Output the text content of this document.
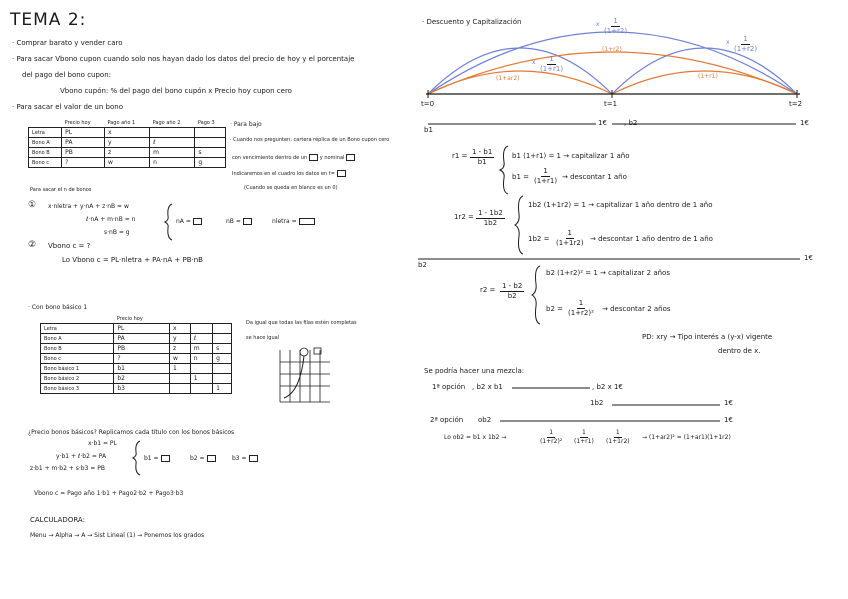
TEMA 2:
· Comprar barato y vender caro
· Para sacar Vbono cupon cuando solo nos hayan dado los datos del precio de hoy y el porcentaje
del pago del bono cupon:
Vbono cupón: % del pago del bono cupón x Precio hoy cupon cero
· Para sacar el valor de un bono
	Precio hoy	Pago año 1	Pago año 2	Pago 3
Letra	PL	x		
Bono A	PA	y	ℓ	
Bono B	PB	z	m	s
Bono c	?	w	n	g
· Para bajo
· Cuando nos pregunten: cartera réplica de un Bono cupon cero
con vencimiento dentro de un	y nominal
Indicaremos en el cuadro los datos en t=
(Cuando se queda en blanco es un 0)
Para sacar el n de bonos
① x·nletra + y·nA + z·nB = w
ℓ·nA + m·nB = n
s·nB = g
nA =	nB =	nletra =
② Vbono c = ?
Lo Vbono c = PL·nletra + PA·nA + PB·nB
· Con bono básico 1
	Precio hoy			
Letra	PL	x		
Bono A	PA	y	ℓ	
Bono B	PB	z	m	s
Bono c	?	w	n	g
Bono básico 1	b1	1		
Bono básico 2	b2		1	
Bono básico 3	b3			1
Da igual que todas las filas estén completas
se hace igual
¿Precio bonos básicos? Replicamos cada título con los bonos básicos
x·b1 = PL
y·b1 + ℓ·b2 = PA
z·b1 + m·b2 + s·b3 = PB
b1 =	b2 =	b3 =
Vbono c = Pago año 1·b1 + Pago2·b2 + Pago3·b3
CALCULADORA:
Menu → Alpha → A → Sist Lineal (1) → Ponemos los grados
· Descuento y Capitalización	x $\frac{1}{(1+r2)}$
x $\frac{1}{(1+r1)}$
(1+r2)
x $\frac{1}{(1+r2)}$
(1+ar2)	(1+r1)
t=0	t=1	t=2
b1
1€ , b2	1€
$r1 = \frac{1 - b1}{b1}$	b1 (1+r1) = 1 → capitalizar 1 año
$b1 = \frac{1}{(1+r1)}$ → descontar 1 año
$1r2 = \frac{1 - 1b2}{1b2}$
1b2 (1+1r2) = 1 → capitalizar 1 año dentro de 1 año
$1b2 = \frac{1}{(1+1r2)}$ → descontar 1 año dentro de 1 año
b2
1€
$r2 = \frac{1 - b2}{b2}$
b2 (1+r2)² = 1 → capitalizar 2 años
$b2 = \frac{1}{\text{(1+r2)²}}$ → descontar 2 años
PD: xry → Tipo interés a (y-x) vigente
dentro de x.
Se podría hacer una mezcla:
1ª opción , b2 x b1	, b2 x 1€
1b2	1€
2ª opción ob2	1€
Lo ob2 = b1 x 1b2 →	$\frac{1}{\text{(1+r2)²}} \frac{1}{(1+r1)} \frac{1}{(1+1r2)} \to (1+ar2)^2 = (1+ar1)(1+1r2)$
